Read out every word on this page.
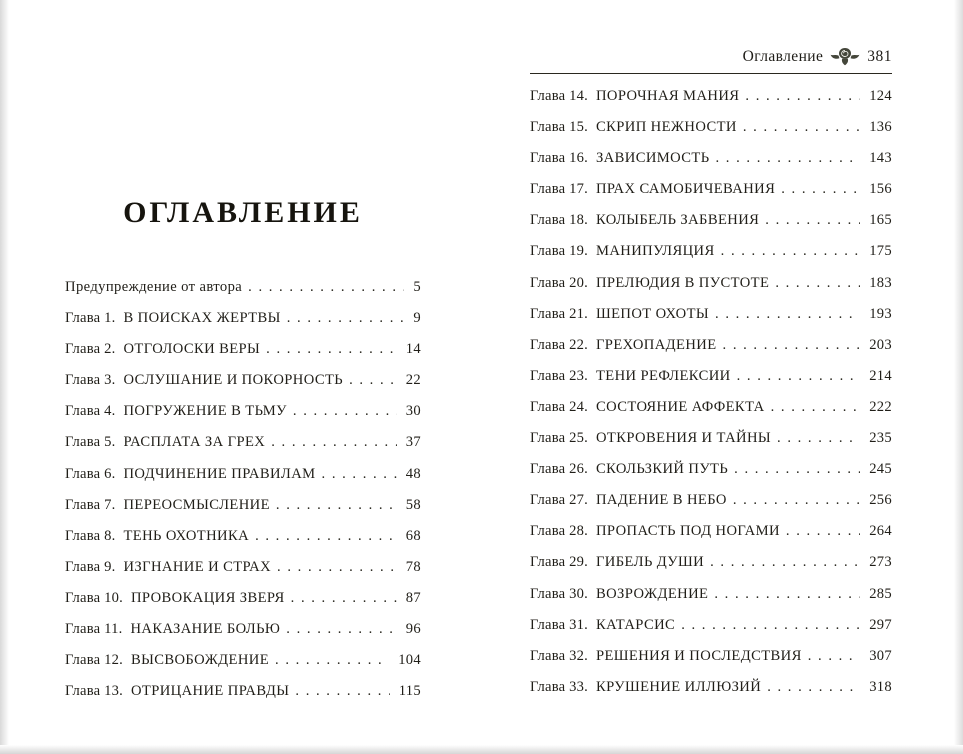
ОГЛАВЛЕНИЕ
Предупреждение от автора . . .	5
Глава 1. В ПОИСКАХ ЖЕРТВЫ . . .	9
Глава 2. ОТГОЛОСКИ ВЕРЫ . . .	14
Глава 3. ОСЛУШАНИЕ И ПОКОРНОСТЬ . . .	22
Глава 4. ПОГРУЖЕНИЕ В ТЬМУ . . .	30
Глава 5. РАСПЛАТА ЗА ГРЕХ . . .	37
Глава 6. ПОДЧИНЕНИЕ ПРАВИЛАМ . . .	48
Глава 7. ПЕРЕОСМЫСЛЕНИЕ . . .	58
Глава 8. ТЕНЬ ОХОТНИКА . . .	68
Глава 9. ИЗГНАНИЕ И СТРАХ . . .	78
Глава 10. ПРОВОКАЦИЯ ЗВЕРЯ . . .	87
Глава 11. НАКАЗАНИЕ БОЛЬЮ . . .	96
Глава 12. ВЫСВОБОЖДЕНИЕ . . .	104
Глава 13. ОТРИЦАНИЕ ПРАВДЫ . . .	115
Оглавление	381
Глава 14. ПОРОЧНАЯ МАНИЯ . . .	124
Глава 15. СКРИП НЕЖНОСТИ . . .	136
Глава 16. ЗАВИСИМОСТЬ . . .	143
Глава 17. ПРАХ САМОБИЧЕВАНИЯ . . .	156
Глава 18. КОЛЫБЕЛЬ ЗАБВЕНИЯ . . .	165
Глава 19. МАНИПУЛЯЦИЯ . . .	175
Глава 20. ПРЕЛЮДИЯ В ПУСТОТЕ . . .	183
Глава 21. ШЕПОТ ОХОТЫ . . .	193
Глава 22. ГРЕХОПАДЕНИЕ . . .	203
Глава 23. ТЕНИ РЕФЛЕКСИИ . . .	214
Глава 24. СОСТОЯНИЕ АФФЕКТА . . .	222
Глава 25. ОТКРОВЕНИЯ И ТАЙНЫ . . .	235
Глава 26. СКОЛЬЗКИЙ ПУТЬ . . .	245
Глава 27. ПАДЕНИЕ В НЕБО . . .	256
Глава 28. ПРОПАСТЬ ПОД НОГАМИ . . .	264
Глава 29. ГИБЕЛЬ ДУШИ . . .	273
Глава 30. ВОЗРОЖДЕНИЕ . . .	285
Глава 31. КАТАРСИС . . .	297
Глава 32. РЕШЕНИЯ И ПОСЛЕДСТВИЯ . . .	307
Глава 33. КРУШЕНИЕ ИЛЛЮЗИЙ . . .	318
